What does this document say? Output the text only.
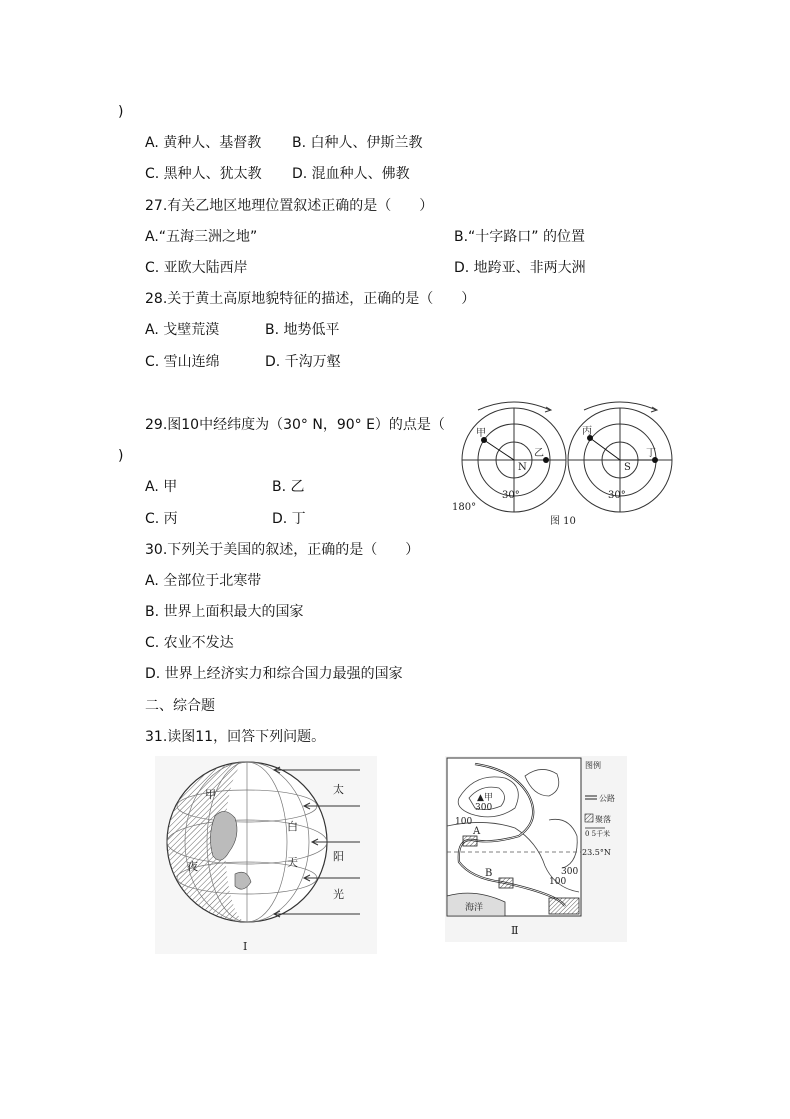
)
A. 黄种人、基督教 B. 白种人、伊斯兰教
C. 黑种人、犹太教 D. 混血种人、佛教
27.有关乙地区地理位置叙述正确的是（　　）
A.“五海三洲之地”	B.“十字路口” 的位置
C. 亚欧大陆西岸	D. 地跨亚、非两大洲
28.关于黄土高原地貌特征的描述，正确的是（　　）
A. 戈壁荒漠	B. 地势低平
C. 雪山连绵	D. 千沟万壑
29.图10中经纬度为（30° N，90° E）的点是（
)
A. 甲	B. 乙
C. 丙	D. 丁
30.下列关于美国的叙述，正确的是（　　）
A. 全部位于北寒带
B. 世界上面积最大的国家
C. 农业不发达
D. 世界上经济实力和综合国力最强的国家
二、综合题
31.读图11，回答下列问题。
甲
乙
丙
丁
N	S
30°	30°
180°
图 10
太
阳
光
白
天
甲
夜
Ⅰ
▲甲
300
100
A
B
23.5°N
300
100
海洋
Ⅱ
图例
公路
聚落
0 5千米
